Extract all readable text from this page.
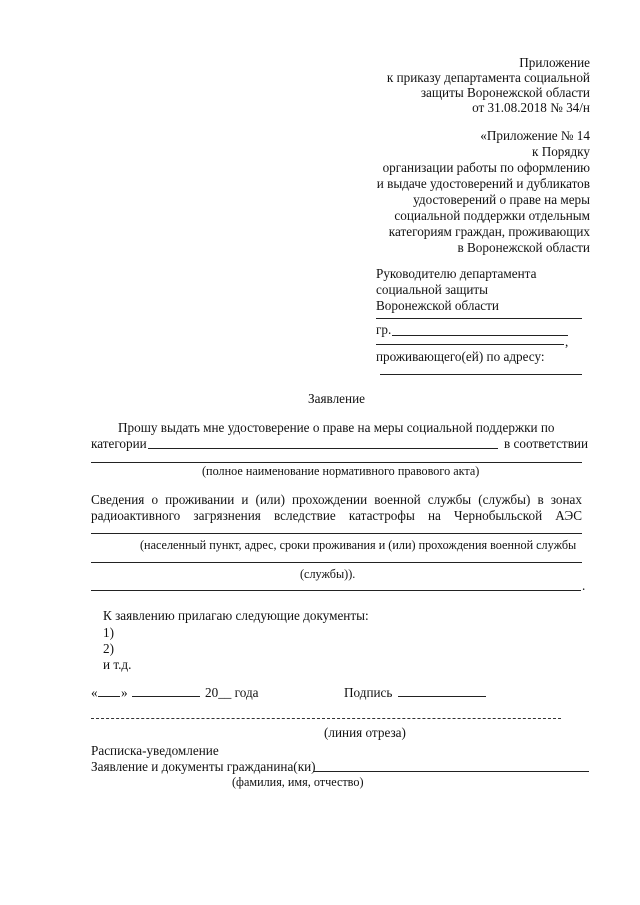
Приложение
к приказу департамента социальной
защиты Воронежской области
от 31.08.2018 № 34/н
«Приложение № 14
к Порядку
организации работы по оформлению
и выдаче удостоверений и дубликатов
удостоверений о праве на меры
социальной поддержки отдельным
категориям граждан, проживающих
в Воронежской области
Руководителю департамента
социальной защиты
Воронежской области
гр.
,
проживающего(ей) по адресу:
Заявление
Прошу выдать мне удостоверение о праве на меры социальной поддержки по
категории	в соответствии
(полное наименование нормативного правового акта)
Сведения о проживании и (или) прохождении военной службы (службы) в зонах
радиоактивного загрязнения вследствие катастрофы на Чернобыльской АЭС
(населенный пункт, адрес, сроки проживания и (или) прохождения военной службы
(службы)).
.
К заявлению прилагаю следующие документы:
1)
2)
и т.д.
« »	20__ года	Подпись
(линия отреза)
Расписка-уведомление
Заявление и документы гражданина(ки)
(фамилия, имя, отчество)
